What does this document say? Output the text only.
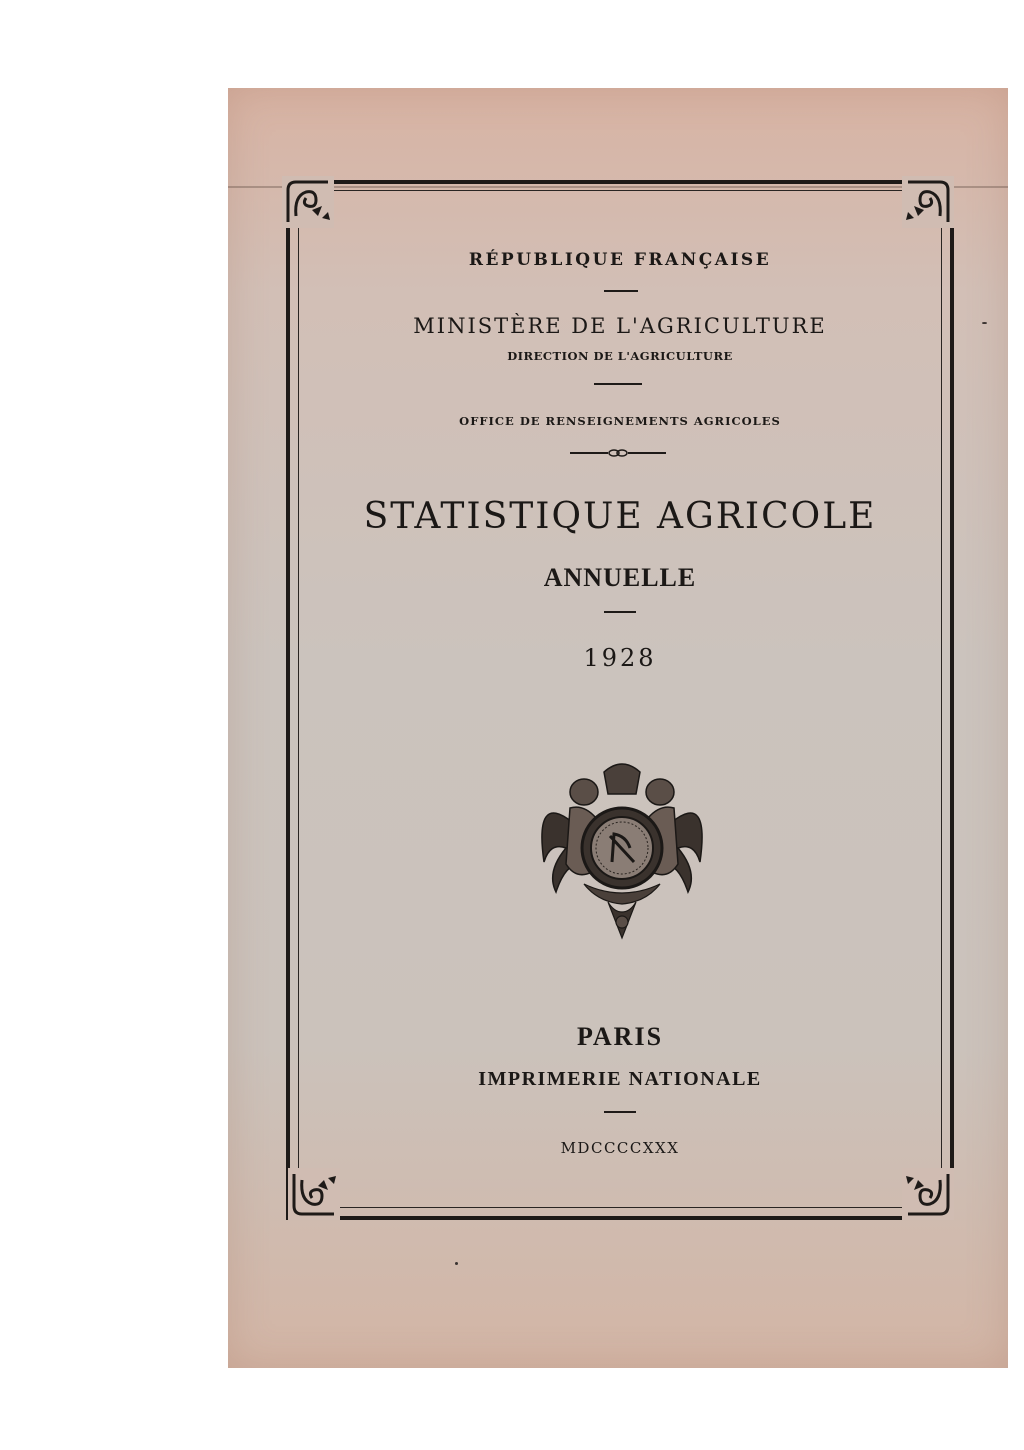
RÉPUBLIQUE FRANÇAISE

MINISTÈRE DE L'AGRICULTURE

DIRECTION DE L'AGRICULTURE

OFFICE DE RENSEIGNEMENTS AGRICOLES

STATISTIQUE AGRICOLE

ANNUELLE

1928

PARIS

IMPRIMERIE NATIONALE

MDCCCCXXX
